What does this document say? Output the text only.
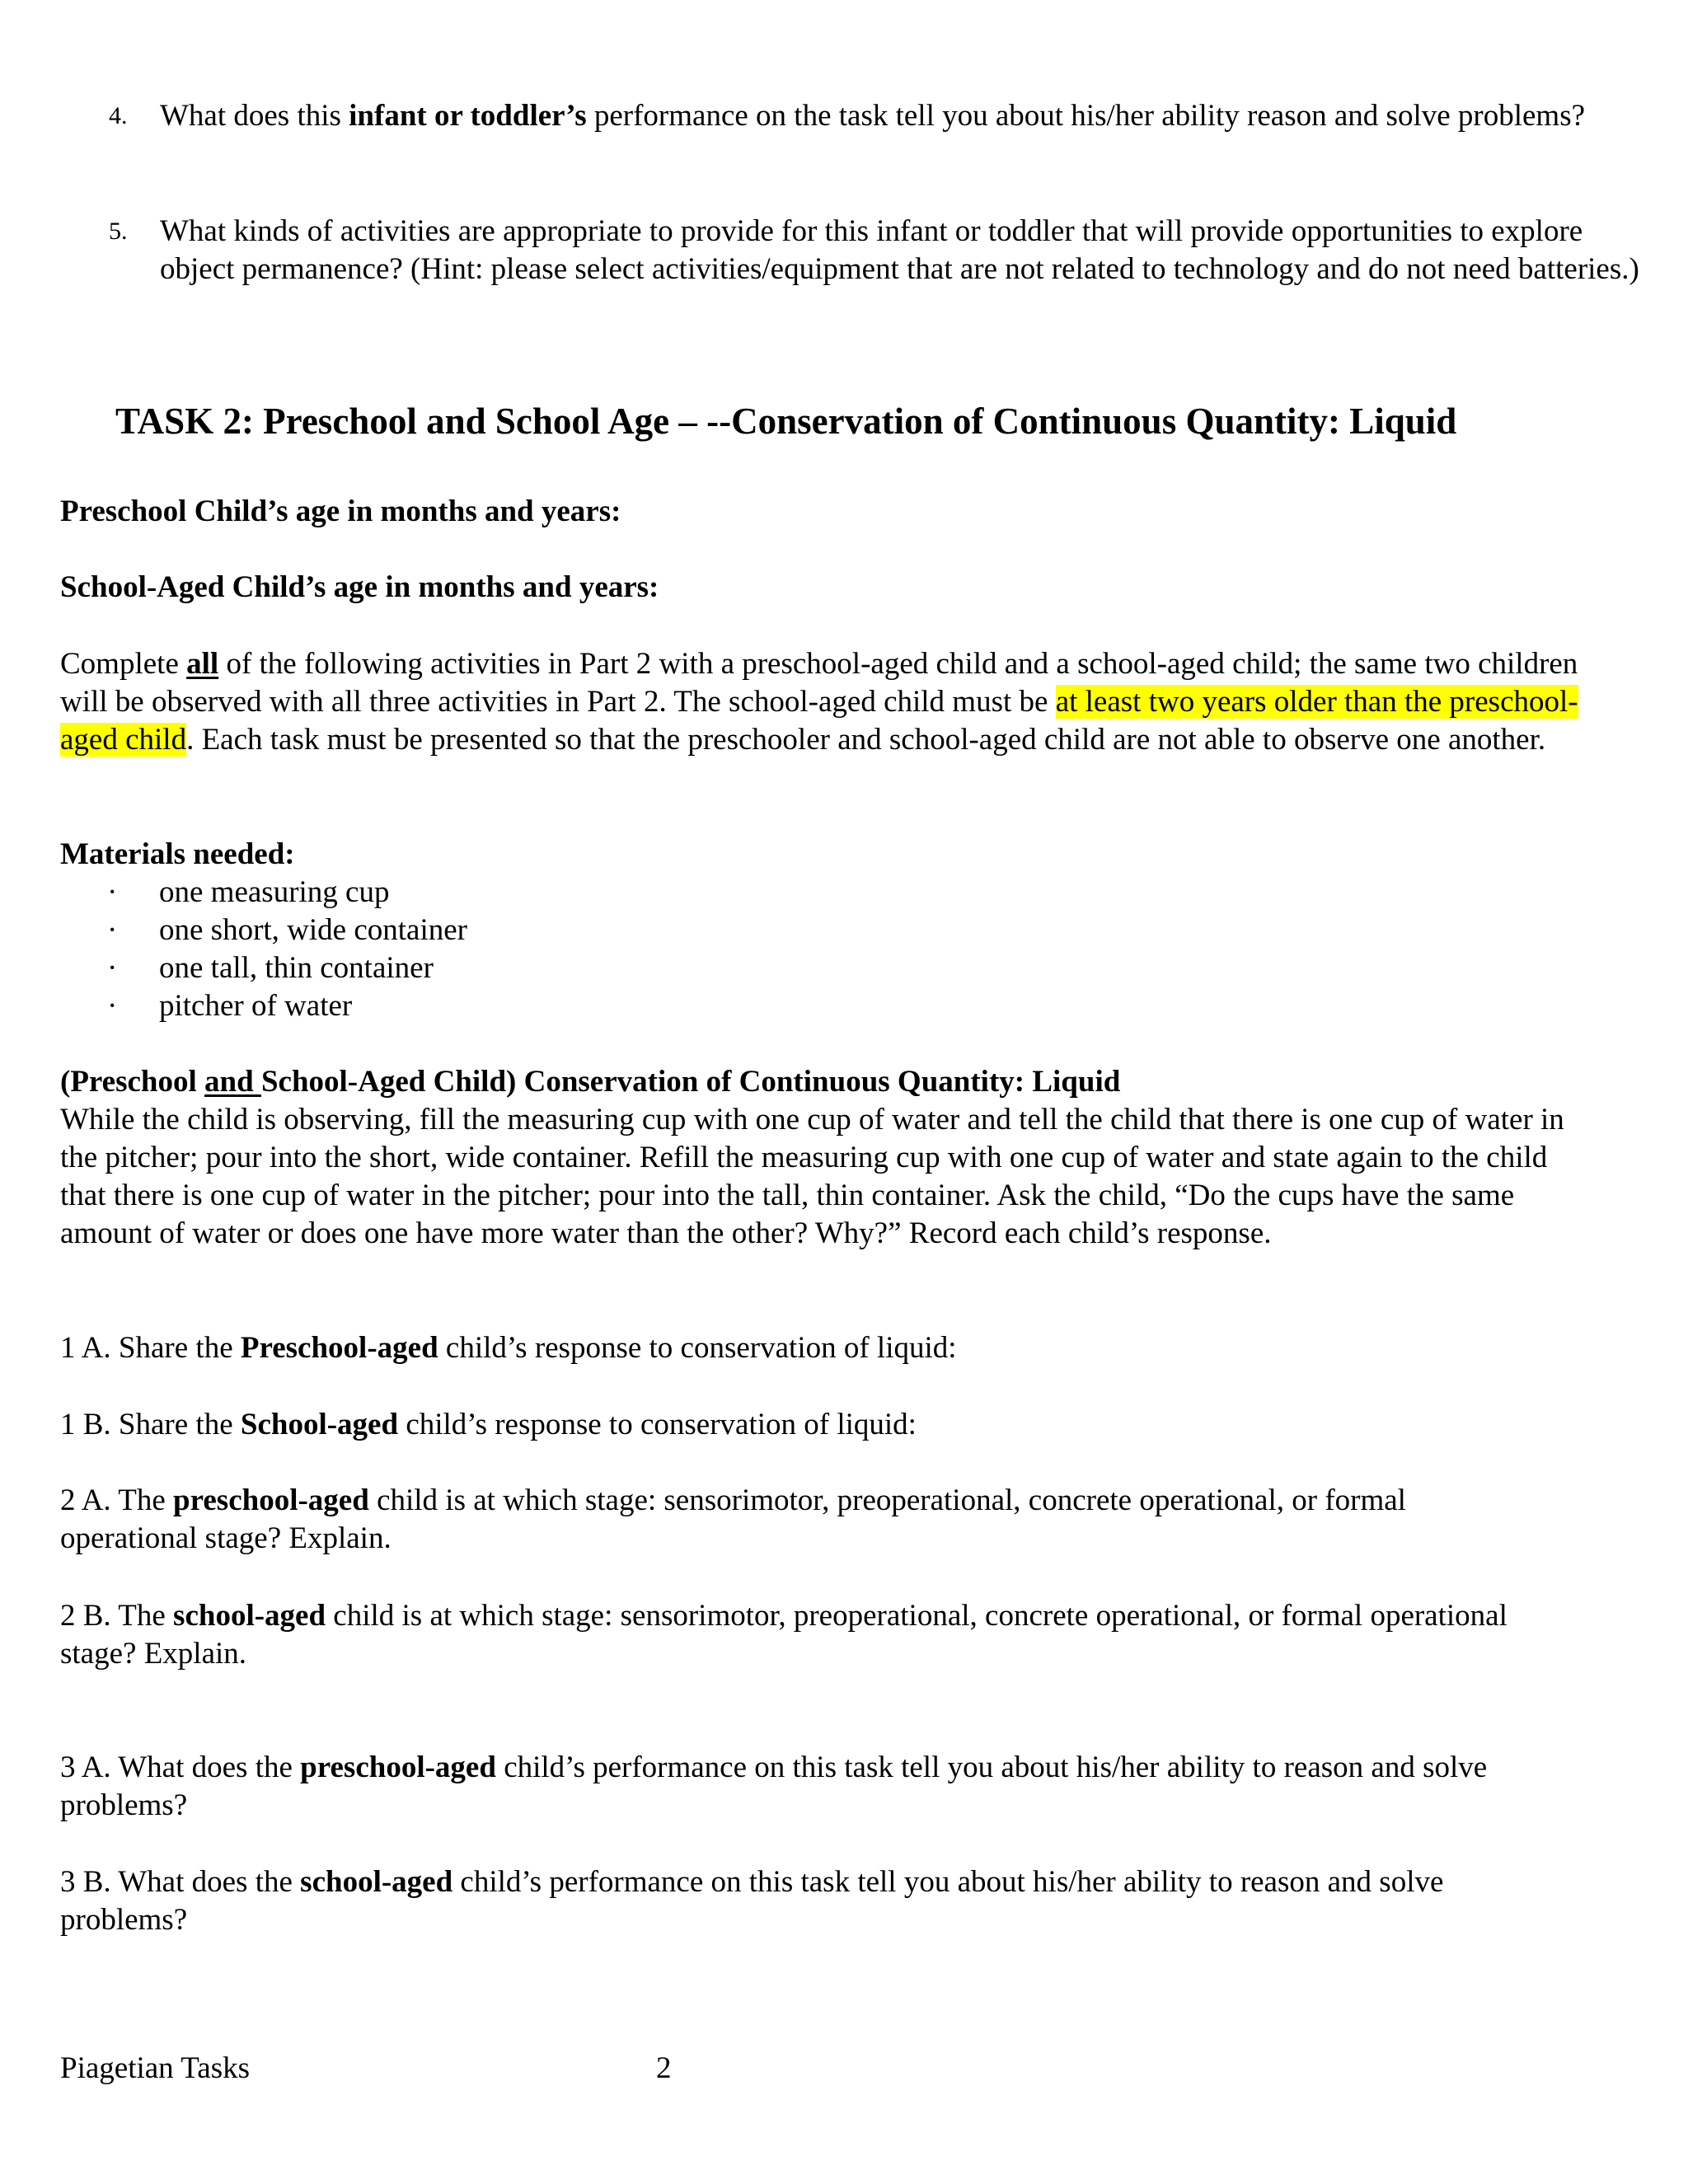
4. What does this infant or toddler’s performance on the task tell you about his/her ability reason and solve problems?
5. What kinds of activities are appropriate to provide for this infant or toddler that will provide opportunities to explore object permanence? (Hint: please select activities/equipment that are not related to technology and do not need batteries.)
TASK 2: Preschool and School Age – --Conservation of Continuous Quantity: Liquid
Preschool Child’s age in months and years:
School-Aged Child’s age in months and years:
Complete all of the following activities in Part 2 with a preschool-aged child and a school-aged child; the same two children will be observed with all three activities in Part 2. The school-aged child must be at least two years older than the preschool-aged child. Each task must be presented so that the preschooler and school-aged child are not able to observe one another.
Materials needed:
· one measuring cup
· one short, wide container
· one tall, thin container
· pitcher of water
(Preschool and School-Aged Child) Conservation of Continuous Quantity: Liquid
While the child is observing, fill the measuring cup with one cup of water and tell the child that there is one cup of water in the pitcher; pour into the short, wide container. Refill the measuring cup with one cup of water and state again to the child that there is one cup of water in the pitcher; pour into the tall, thin container. Ask the child, “Do the cups have the same amount of water or does one have more water than the other? Why?” Record each child’s response.
1 A. Share the Preschool-aged child’s response to conservation of liquid:
1 B. Share the School-aged child’s response to conservation of liquid:
2 A. The preschool-aged child is at which stage: sensorimotor, preoperational, concrete operational, or formal operational stage? Explain.
2 B. The school-aged child is at which stage: sensorimotor, preoperational, concrete operational, or formal operational stage? Explain.
3 A. What does the preschool-aged child’s performance on this task tell you about his/her ability to reason and solve problems?
3 B. What does the school-aged child’s performance on this task tell you about his/her ability to reason and solve problems?
Piagetian Tasks	2
